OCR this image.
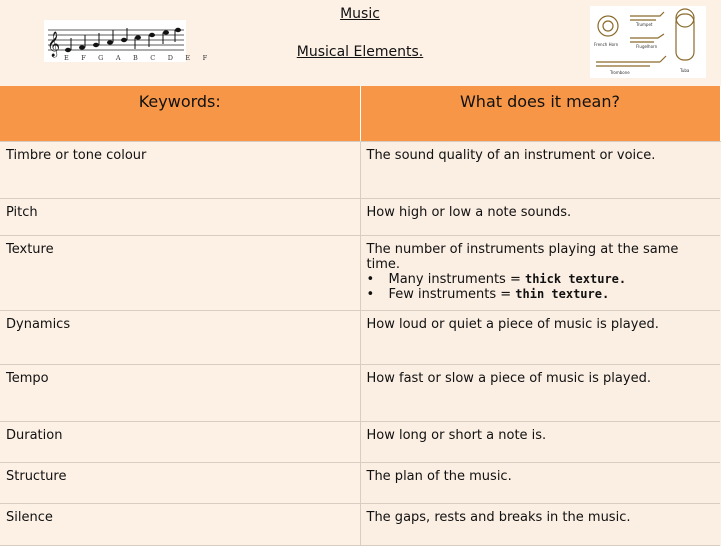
Music
Musical Elements.
𝄞
E F G A B C D E F
French Horn
Trumpet
Flugelhorn
Trombone	Tuba
Keywords:	What does it mean?
Timbre or tone colour	The sound quality of an instrument or voice.
Pitch	How high or low a note sounds.
Texture	The number of instruments playing at the same time.
• Many instruments = thick texture.
• Few instruments = thin texture.

Dynamics	How loud or quiet a piece of music is played.
Tempo	How fast or slow a piece of music is played.
Duration	How long or short a note is.
Structure	The plan of the music.
Silence	The gaps, rests and breaks in the music.
